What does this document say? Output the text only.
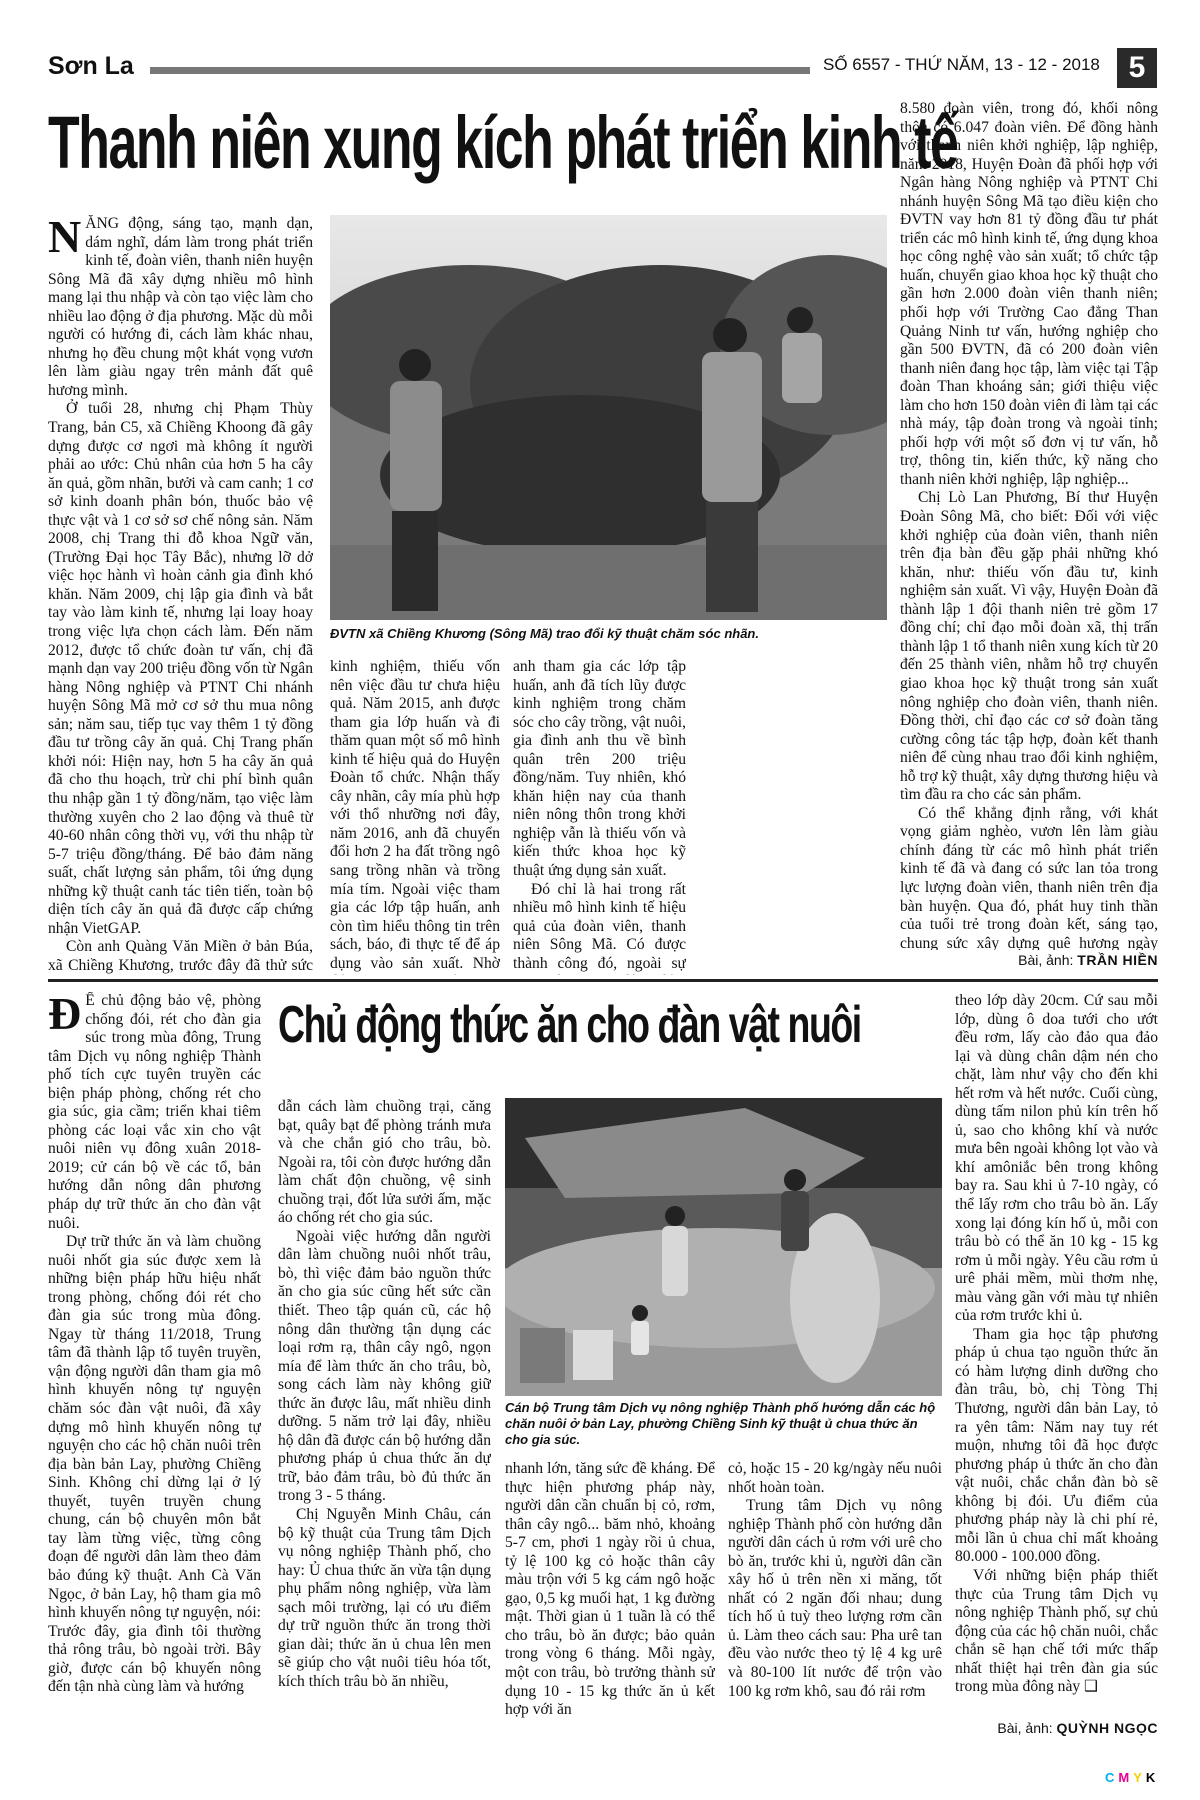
Sơn La	SỐ 6557 - THỨ NĂM, 13 - 12 - 2018 5
Thanh niên xung kích phát triển kinh tế

NĂNG động, sáng tạo, mạnh dạn, dám nghĩ, dám làm trong phát triển kinh tế, đoàn viên, thanh niên huyện Sông Mã đã xây dựng nhiều mô hình mang lại thu nhập và còn tạo việc làm cho nhiều lao động ở địa phương. Mặc dù mỗi người có hướng đi, cách làm khác nhau, nhưng họ đều chung một khát vọng vươn lên làm giàu ngay trên mảnh đất quê hương mình.

Ở tuổi 28, nhưng chị Phạm Thùy Trang, bản C5, xã Chiềng Khoong đã gây dựng được cơ ngơi mà không ít người phải ao ước: Chủ nhân của hơn 5 ha cây ăn quả, gồm nhãn, bưởi và cam canh; 1 cơ sở kinh doanh phân bón, thuốc bảo vệ thực vật và 1 cơ sở sơ chế nông sản. Năm 2008, chị Trang thi đỗ khoa Ngữ văn, (Trường Đại học Tây Bắc), nhưng lỡ dở việc học hành vì hoàn cảnh gia đình khó khăn. Năm 2009, chị lập gia đình và bắt tay vào làm kinh tế, nhưng lại loay hoay trong việc lựa chọn cách làm. Đến năm 2012, được tổ chức đoàn tư vấn, chị đã mạnh dạn vay 200 triệu đồng vốn từ Ngân hàng Nông nghiệp và PTNT Chi nhánh huyện Sông Mã mở cơ sở thu mua nông sản; năm sau, tiếp tục vay thêm 1 tỷ đồng đầu tư trồng cây ăn quả. Chị Trang phấn khởi nói: Hiện nay, hơn 5 ha cây ăn quả đã cho thu hoạch, trừ chi phí bình quân thu nhập gần 1 tỷ đồng/năm, tạo việc làm thường xuyên cho 2 lao động và thuê từ 40-60 nhân công thời vụ, với thu nhập từ 5-7 triệu đồng/tháng. Để bảo đảm năng suất, chất lượng sản phẩm, tôi ứng dụng những kỹ thuật canh tác tiên tiến, toàn bộ diện tích cây ăn quả đã được cấp chứng nhận VietGAP.

Còn anh Quàng Văn Miền ở bản Búa, xã Chiềng Khương, trước đây đã thử sức

ĐVTN xã Chiềng Khương (Sông Mã) trao đổi kỹ thuật chăm sóc nhãn.

kinh nghiệm, thiếu vốn nên việc đầu tư chưa hiệu quả. Năm 2015, anh được tham gia lớp huấn và đi thăm quan một số mô hình kinh tế hiệu quả do Huyện Đoàn tổ chức. Nhận thấy cây nhãn, cây mía phù hợp với thổ nhưỡng nơi đây, năm 2016, anh đã chuyển đổi hơn 2 ha đất trồng ngô sang trồng nhãn và trồng mía tím. Ngoài việc tham gia các lớp tập huấn, anh còn tìm hiểu thông tin trên sách, báo, đi thực tế để áp dụng vào sản xuất. Nhờ

anh tham gia các lớp tập huấn, anh đã tích lũy được kinh nghiệm trong chăm sóc cho cây trồng, vật nuôi, gia đình anh thu về bình quân trên 200 triệu đồng/năm. Tuy nhiên, khó khăn hiện nay của thanh niên nông thôn trong khởi nghiệp vẫn là thiếu vốn và kiến thức khoa học kỹ thuật ứng dụng sản xuất.

Đó chỉ là hai trong rất nhiều mô hình kinh tế hiệu quả của đoàn viên, thanh niên Sông Mã. Có được thành công đó, ngoài sự

8.580 đoàn viên, trong đó, khối nông thôn có 6.047 đoàn viên. Để đồng hành với thanh niên khởi nghiệp, lập nghiệp, năm 2018, Huyện Đoàn đã phối hợp với Ngân hàng Nông nghiệp và PTNT Chi nhánh huyện Sông Mã tạo điều kiện cho ĐVTN vay hơn 81 tỷ đồng đầu tư phát triển các mô hình kinh tế, ứng dụng khoa học công nghệ vào sản xuất; tổ chức tập huấn, chuyển giao khoa học kỹ thuật cho gần hơn 2.000 đoàn viên thanh niên; phối hợp với Trường Cao đẳng Than Quảng Ninh tư vấn, hướng nghiệp cho gần 500 ĐVTN, đã có 200 đoàn viên thanh niên đang học tập, làm việc tại Tập đoàn Than khoáng sản; giới thiệu việc làm cho hơn 150 đoàn viên đi làm tại các nhà máy, tập đoàn trong và ngoài tỉnh; phối hợp với một số đơn vị tư vấn, hỗ trợ, thông tin, kiến thức, kỹ năng cho thanh niên khởi nghiệp, lập nghiệp...

Chị Lò Lan Phương, Bí thư Huyện Đoàn Sông Mã, cho biết: Đối với việc khởi nghiệp của đoàn viên, thanh niên trên địa bàn đều gặp phải những khó khăn, như: thiếu vốn đầu tư, kinh nghiệm sản xuất. Vì vậy, Huyện Đoàn đã thành lập 1 đội thanh niên trẻ gồm 17 đồng chí; chỉ đạo mỗi đoàn xã, thị trấn thành lập 1 tổ thanh niên xung kích từ 20 đến 25 thành viên, nhằm hỗ trợ chuyển giao khoa học kỹ thuật trong sản xuất nông nghiệp cho đoàn viên, thanh niên. Đồng thời, chỉ đạo các cơ sở đoàn tăng cường công tác tập hợp, đoàn kết thanh niên để cùng nhau trao đổi kinh nghiệm, hỗ trợ kỹ thuật, xây dựng thương hiệu và tìm đầu ra cho các sản phẩm.

Có thể khẳng định rằng, với khát vọng giảm nghèo, vươn lên làm giàu chính đáng từ các mô hình phát triển kinh tế đã và đang có sức lan tỏa trong lực lượng đoàn viên, thanh niên trên địa bàn huyện. Qua đó, phát huy tinh thần của tuổi trẻ trong đoàn kết, sáng tạo, chung sức xây dựng quê hương ngày

Bài, ảnh: TRẦN HIỀN

Đ Ể chủ động bảo vệ, phòng chống đói, rét cho đàn gia súc trong mùa đông, Trung tâm Dịch vụ nông nghiệp Thành phố tích cực tuyên truyền các biện pháp phòng, chống rét cho gia súc, gia cầm; triển khai tiêm phòng các loại vắc xin cho vật nuôi niên vụ đông xuân 2018-2019; cử cán bộ về các tổ, bản hướng dẫn nông dân phương pháp dự trữ thức ăn cho đàn vật nuôi.

Dự trữ thức ăn và làm chuồng nuôi nhốt gia súc được xem là những biện pháp hữu hiệu nhất trong phòng, chống đói rét cho đàn gia súc trong mùa đông. Ngay từ tháng 11/2018, Trung tâm đã thành lập tổ tuyên truyền, vận động người dân tham gia mô hình khuyến nông tự nguyện chăm sóc đàn vật nuôi, đã xây dựng mô hình khuyến nông tự nguyện cho các hộ chăn nuôi trên địa bàn bản Lay, phường Chiềng Sinh. Không chỉ dừng lại ở lý thuyết, tuyên truyền chung chung, cán bộ chuyên môn bắt tay làm từng việc, từng công đoạn để người dân làm theo đảm bảo đúng kỹ thuật. Anh Cà Văn Ngọc, ở bản Lay, hộ tham gia mô hình khuyến nông tự nguyện, nói: Trước đây, gia đình tôi thường thả rông trâu, bò ngoài trời. Bây giờ, được cán bộ khuyến nông đến tận nhà cùng làm và hướng

Chủ động thức ăn cho đàn vật nuôi

dẫn cách làm chuồng trại, căng bạt, quây bạt để phòng tránh mưa và che chắn gió cho trâu, bò. Ngoài ra, tôi còn được hướng dẫn làm chất độn chuồng, vệ sinh chuồng trại, đốt lửa sưởi ấm, mặc áo chống rét cho gia súc.

Ngoài việc hướng dẫn người dân làm chuồng nuôi nhốt trâu, bò, thì việc đảm bảo nguồn thức ăn cho gia súc cũng hết sức cần thiết. Theo tập quán cũ, các hộ nông dân thường tận dụng các loại rơm rạ, thân cây ngô, ngọn mía để làm thức ăn cho trâu, bò, song cách làm này không giữ thức ăn được lâu, mất nhiều dinh dưỡng. 5 năm trở lại đây, nhiều hộ dân đã được cán bộ hướng dẫn phương pháp ủ chua thức ăn dự trữ, bảo đảm trâu, bò đủ thức ăn trong 3 - 5 tháng.

Chị Nguyễn Minh Châu, cán bộ kỹ thuật của Trung tâm Dịch vụ nông nghiệp Thành phố, cho hay: Ủ chua thức ăn vừa tận dụng phụ phẩm nông nghiệp, vừa làm sạch môi trường, lại có ưu điểm dự trữ nguồn thức ăn trong thời gian dài; thức ăn ủ chua lên men sẽ giúp cho vật nuôi tiêu hóa tốt, kích thích trâu bò ăn nhiều,

Cán bộ Trung tâm Dịch vụ nông nghiệp Thành phố hướng dẫn các hộ chăn nuôi ở bản Lay, phường Chiềng Sinh kỹ thuật ủ chua thức ăn cho gia súc.

nhanh lớn, tăng sức đề kháng. Để thực hiện phương pháp này, người dân cần chuẩn bị cỏ, rơm, thân cây ngô... băm nhỏ, khoảng 5-7 cm, phơi 1 ngày rồi ủ chua, tỷ lệ 100 kg cỏ hoặc thân cây màu trộn với 5 kg cám ngô hoặc gạo, 0,5 kg muối hạt, 1 kg đường mật. Thời gian ủ 1 tuần là có thể cho trâu, bò ăn được; bảo quản trong vòng 6 tháng. Mỗi ngày, một con trâu, bò trưởng thành sử dụng 10 - 15 kg thức ăn ủ kết hợp với ăn

cỏ, hoặc 15 - 20 kg/ngày nếu nuôi nhốt hoàn toàn.

Trung tâm Dịch vụ nông nghiệp Thành phố còn hướng dẫn người dân cách ủ rơm với urê cho bò ăn, trước khi ủ, người dân cần xây hố ủ trên nền xi măng, tốt nhất có 2 ngăn đối nhau; dung tích hố ủ tuỳ theo lượng rơm cần ủ. Làm theo cách sau: Pha urê tan đều vào nước theo tỷ lệ 4 kg urê và 80-100 lít nước để trộn vào 100 kg rơm khô, sau đó rải rơm

theo lớp dày 20cm. Cứ sau mỗi lớp, dùng ô doa tưới cho ướt đều rơm, lấy cào đảo qua đảo lại và dùng chân dậm nén cho chặt, làm như vậy cho đến khi hết rơm và hết nước. Cuối cùng, dùng tấm nilon phủ kín trên hố ủ, sao cho không khí và nước mưa bên ngoài không lọt vào và khí amôniắc bên trong không bay ra. Sau khi ủ 7-10 ngày, có thể lấy rơm cho trâu bò ăn. Lấy xong lại đóng kín hố ủ, mỗi con trâu bò có thể ăn 10 kg - 15 kg rơm ủ mỗi ngày. Yêu cầu rơm ủ urê phải mềm, mùi thơm nhẹ, màu vàng gần với màu tự nhiên của rơm trước khi ủ.

Tham gia học tập phương pháp ủ chua tạo nguồn thức ăn có hàm lượng dinh dưỡng cho đàn trâu, bò, chị Tòng Thị Thương, người dân bản Lay, tỏ ra yên tâm: Năm nay tuy rét muộn, nhưng tôi đã học được phương pháp ủ thức ăn cho đàn vật nuôi, chắc chắn đàn bò sẽ không bị đói. Ưu điểm của phương pháp này là chi phí rẻ, mỗi lần ủ chua chỉ mất khoảng 80.000 - 100.000 đồng.

Với những biện pháp thiết thực của Trung tâm Dịch vụ nông nghiệp Thành phố, sự chủ động của các hộ chăn nuôi, chắc chắn sẽ hạn chế tới mức thấp nhất thiệt hại trên đàn gia súc trong mùa đông này ❑

Bài, ảnh: QUỲNH NGỌC
CMYK
